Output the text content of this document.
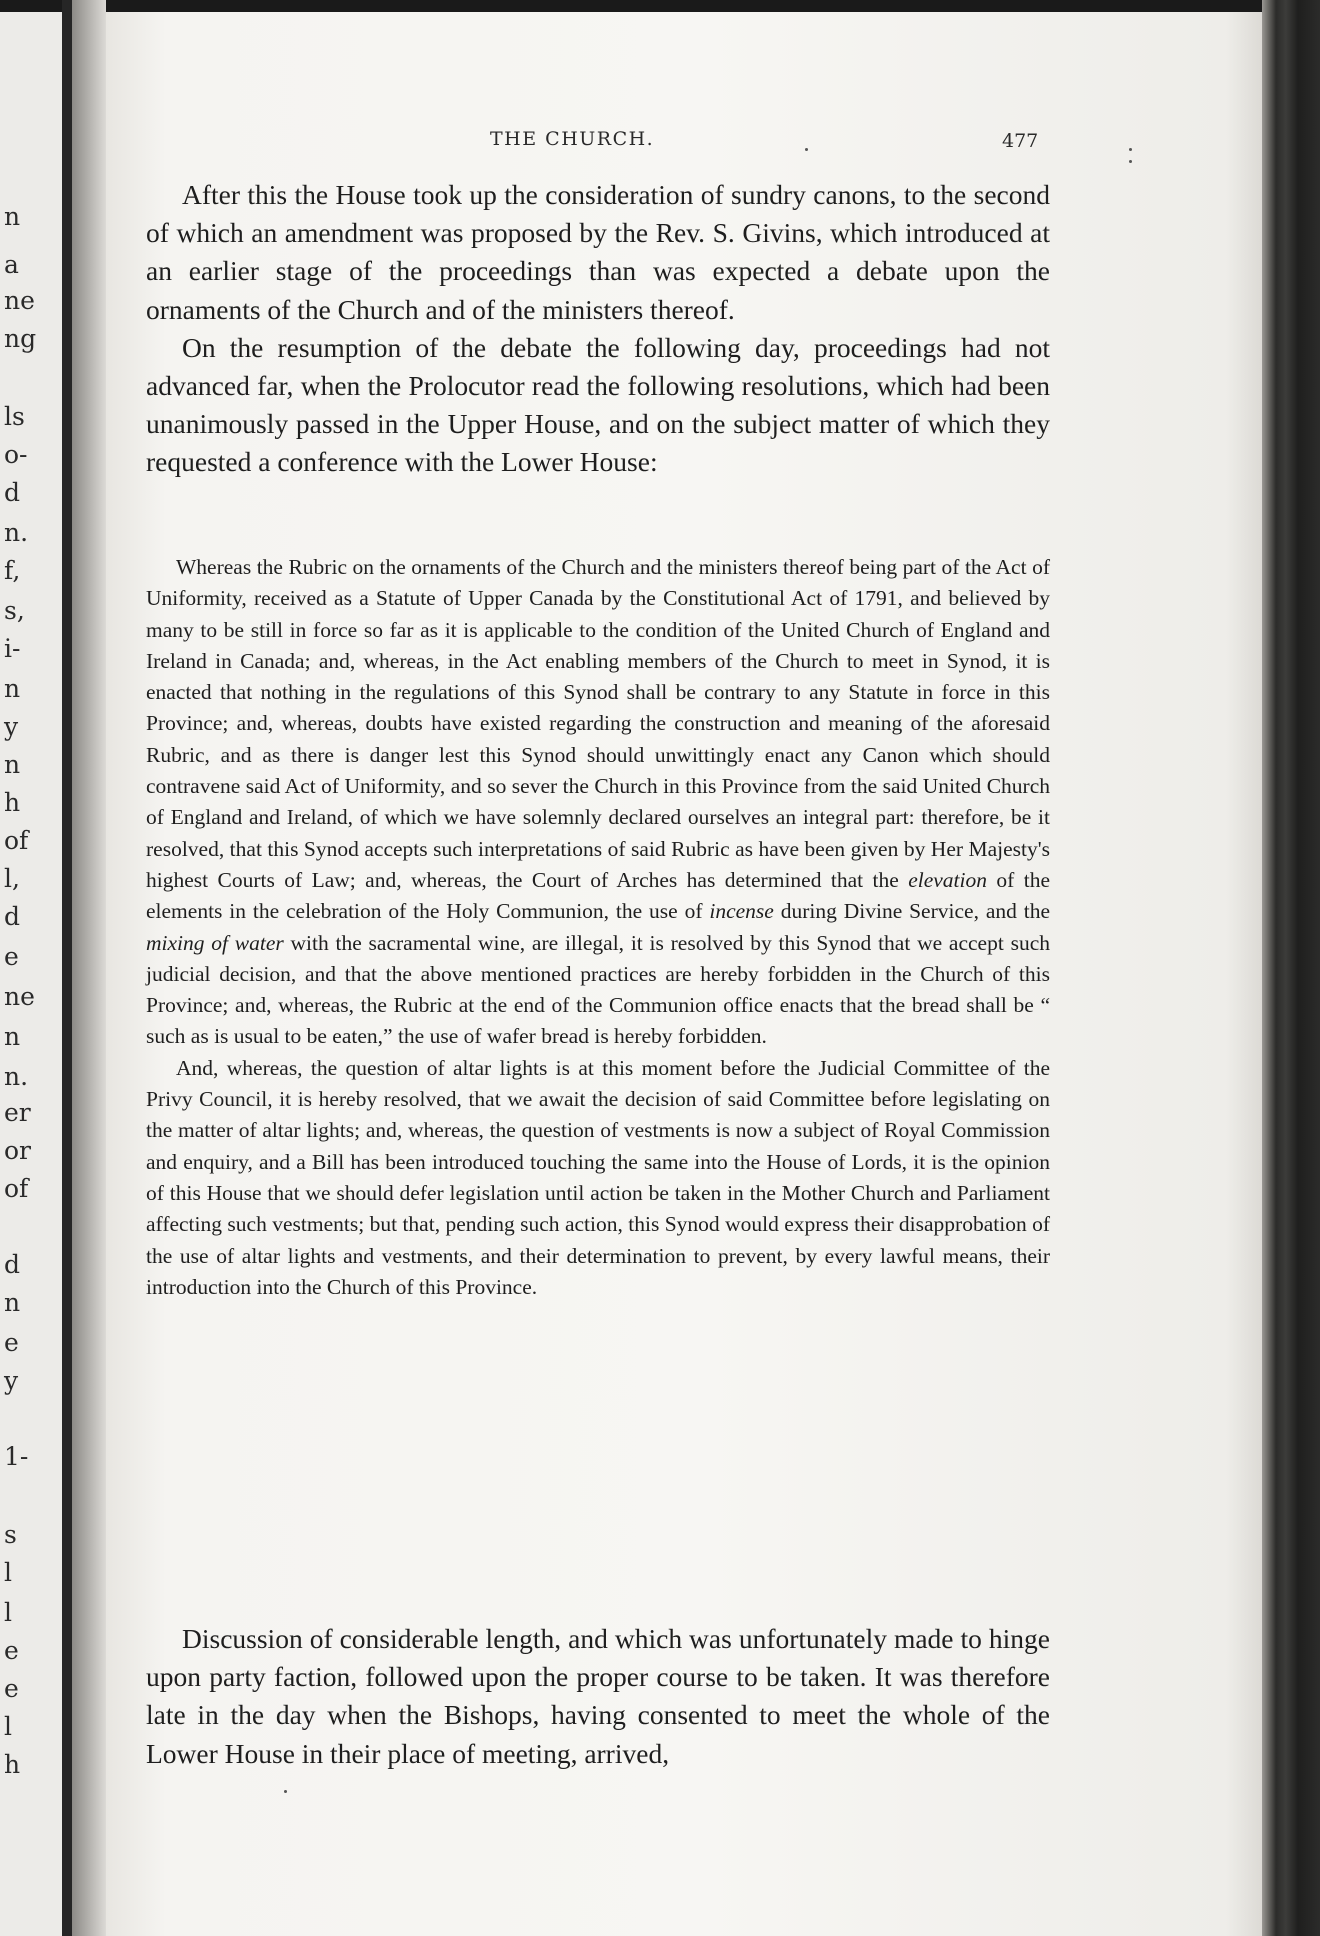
n
a
ne
ng
ls
o-
d
n.
f,
s,
i-
n
y
n
h
of
l,
d
e
ne
n
n.
er
or
of
d
n
e
y
1-
s
l
l
e
e
l
h
THE CHURCH.	477

After this the House took up the consideration of sundry canons, to the second of which an amendment was proposed by the Rev. S. Givins, which introduced at an earlier stage of the proceedings than was expected a debate upon the ornaments of the Church and of the ministers thereof.

On the resumption of the debate the following day, proceedings had not advanced far, when the Prolocutor read the following resolutions, which had been unanimously passed in the Upper House, and on the subject matter of which they requested a conference with the Lower House:

Whereas the Rubric on the ornaments of the Church and the ministers thereof being part of the Act of Uniformity, received as a Statute of Upper Canada by the Constitutional Act of 1791, and believed by many to be still in force so far as it is applicable to the condition of the United Church of England and Ireland in Canada; and, whereas, in the Act enabling members of the Church to meet in Synod, it is enacted that nothing in the regulations of this Synod shall be contrary to any Statute in force in this Province; and, whereas, doubts have existed regarding the construction and meaning of the aforesaid Rubric, and as there is danger lest this Synod should unwittingly enact any Canon which should contravene said Act of Uniformity, and so sever the Church in this Province from the said United Church of England and Ireland, of which we have solemnly declared ourselves an integral part: therefore, be it resolved, that this Synod accepts such interpretations of said Rubric as have been given by Her Majesty's highest Courts of Law; and, whereas, the Court of Arches has determined that the elevation of the elements in the celebration of the Holy Communion, the use of incense during Divine Service, and the mixing of water with the sacramental wine, are illegal, it is resolved by this Synod that we accept such judicial decision, and that the above mentioned practices are hereby forbidden in the Church of this Province; and, whereas, the Rubric at the end of the Communion office enacts that the bread shall be “ such as is usual to be eaten,” the use of wafer bread is hereby forbidden.

And, whereas, the question of altar lights is at this moment before the Judicial Committee of the Privy Council, it is hereby resolved, that we await the decision of said Committee before legislating on the matter of altar lights; and, whereas, the question of vestments is now a subject of Royal Commission and enquiry, and a Bill has been introduced touching the same into the House of Lords, it is the opinion of this House that we should defer legislation until action be taken in the Mother Church and Parliament affecting such vestments; but that, pending such action, this Synod would express their disapprobation of the use of altar lights and vestments, and their determination to prevent, by every lawful means, their introduction into the Church of this Province.

Discussion of considerable length, and which was unfortunately made to hinge upon party faction, followed upon the proper course to be taken. It was therefore late in the day when the Bishops, having consented to meet the whole of the Lower House in their place of meeting, arrived,
